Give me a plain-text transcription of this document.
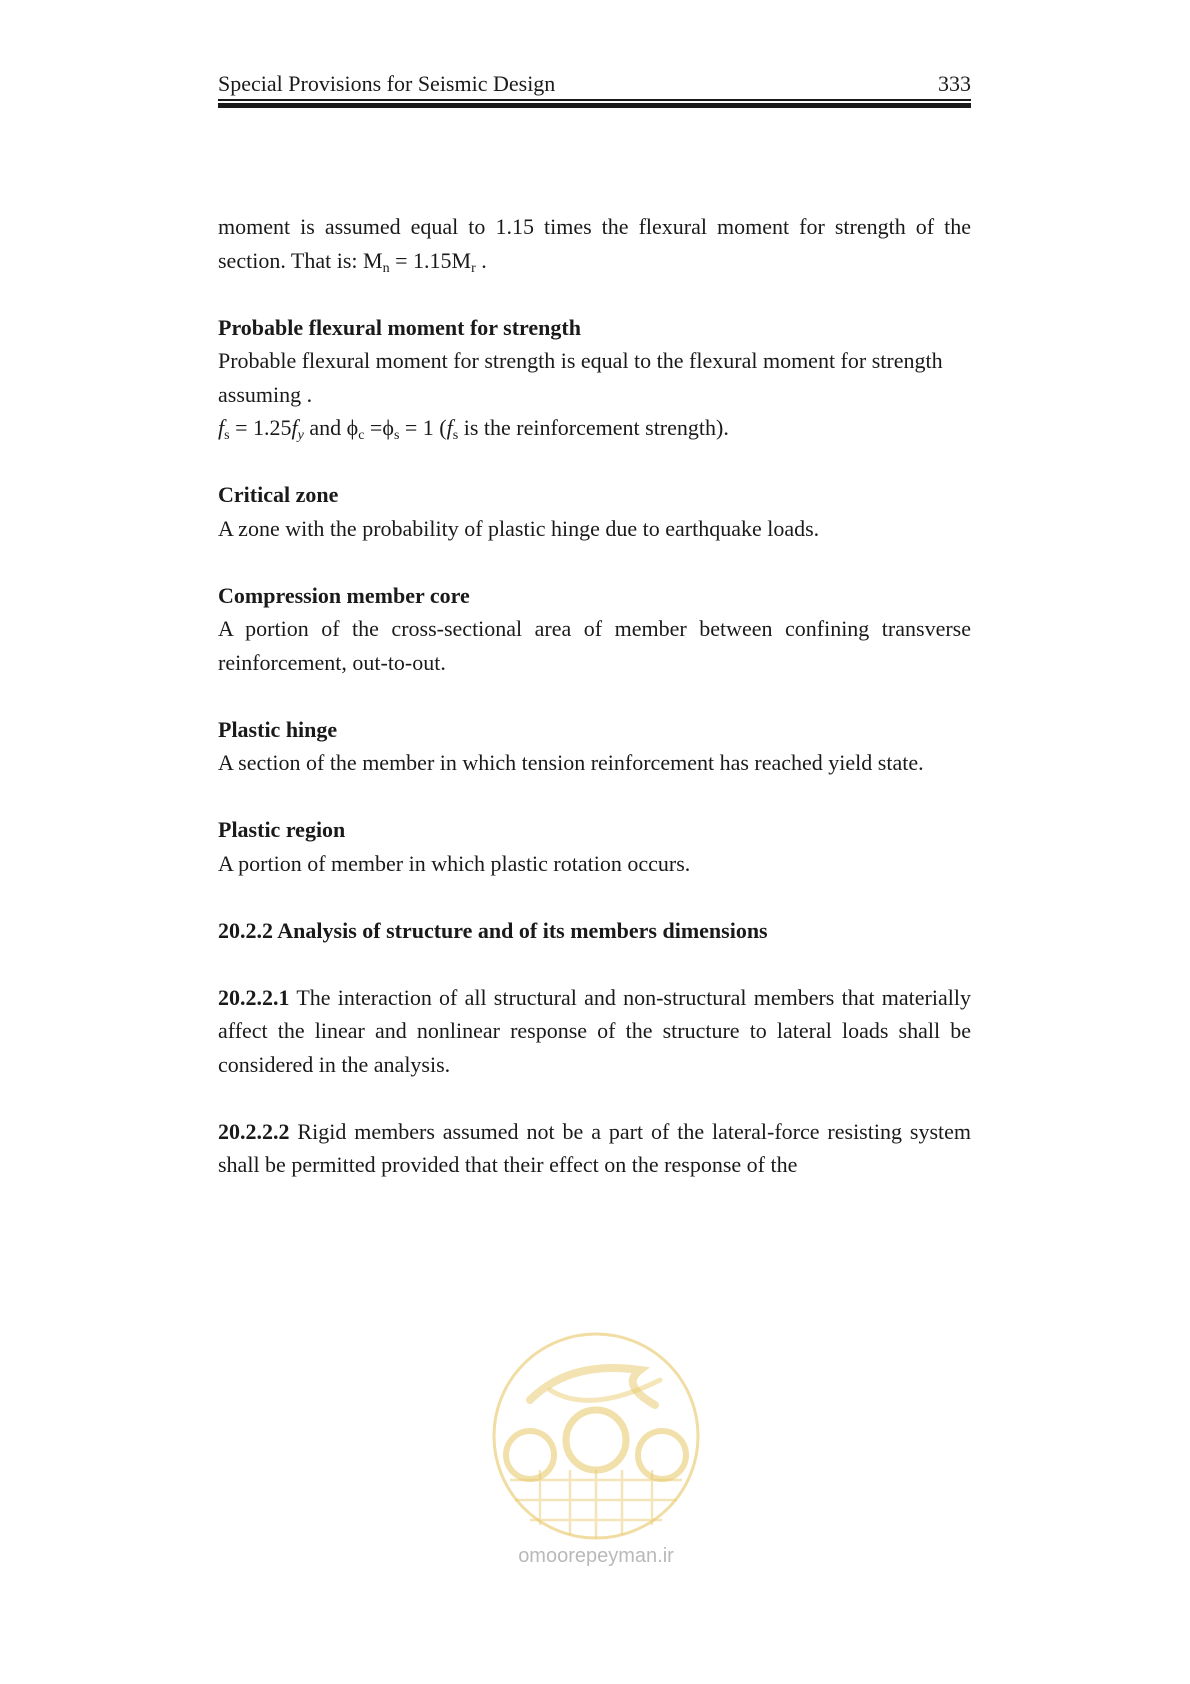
Special Provisions for Seismic Design	333

moment is assumed equal to 1.15 times the flexural moment for strength of the section. That is: $M_n = 1.15M_r$ .

Probable flexural moment for strength

Probable flexural moment for strength is equal to the flexural moment for strength assuming .

$f_s = 1.25f_y$ and $\phi_c =\phi_s = 1$ ($f_s$ is the reinforcement strength).

Critical zone

A zone with the probability of plastic hinge due to earthquake loads.

Compression member core

A portion of the cross-sectional area of member between confining transverse reinforcement, out-to-out.

Plastic hinge

A section of the member in which tension reinforcement has reached yield state.

Plastic region

A portion of member in which plastic rotation occurs.

20.2.2 Analysis of structure and of its members dimensions

20.2.2.1 The interaction of all structural and non-structural members that materially affect the linear and nonlinear response of the structure to lateral loads shall be considered in the analysis.

20.2.2.2 Rigid members assumed not be a part of the lateral-force resisting system shall be permitted provided that their effect on the response of the

omoorepeyman.ir
